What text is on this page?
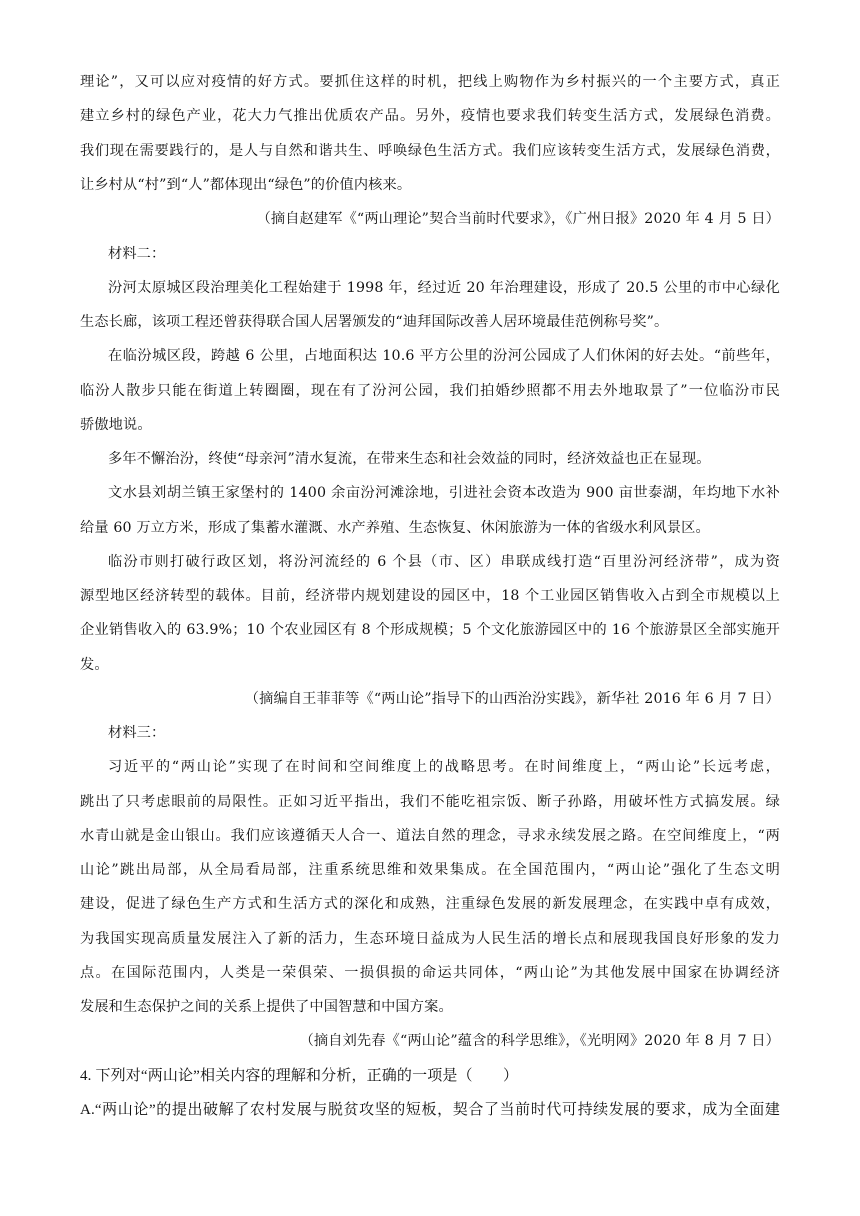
理论”，又可以应对疫情的好方式。要抓住这样的时机，把线上购物作为乡村振兴的一个主要方式，真正
建立乡村的绿色产业，花大力气推出优质农产品。另外，疫情也要求我们转变生活方式，发展绿色消费。
我们现在需要践行的，是人与自然和谐共生、呼唤绿色生活方式。我们应该转变生活方式，发展绿色消费，
让乡村从“村”到“人”都体现出“绿色”的价值内核来。
（摘自赵建军《“两山理论”契合当前时代要求》，《广州日报》2020 年 4 月 5 日）
材料二：
汾河太原城区段治理美化工程始建于 1998 年，经过近 20 年治理建设，形成了 20.5 公里的市中心绿化
生态长廊，该项工程还曾获得联合国人居署颁发的“迪拜国际改善人居环境最佳范例称号奖”。
在临汾城区段，跨越 6 公里，占地面积达 10.6 平方公里的汾河公园成了人们休闲的好去处。“前些年，
临汾人散步只能在街道上转圈圈，现在有了汾河公园，我们拍婚纱照都不用去外地取景了”一位临汾市民
骄傲地说。
多年不懈治汾，终使“母亲河”清水复流，在带来生态和社会效益的同时，经济效益也正在显现。
文水县刘胡兰镇王家堡村的 1400 余亩汾河滩涂地，引进社会资本改造为 900 亩世泰湖，年均地下水补
给量 60 万立方米，形成了集蓄水灌溉、水产养殖、生态恢复、休闲旅游为一体的省级水利风景区。
临汾市则打破行政区划，将汾河流经的 6 个县（市、区）串联成线打造“百里汾河经济带”，成为资
源型地区经济转型的载体。目前，经济带内规划建设的园区中，18 个工业园区销售收入占到全市规模以上
企业销售收入的 63.9%；10 个农业园区有 8 个形成规模；5 个文化旅游园区中的 16 个旅游景区全部实施开
发。
（摘编自王菲菲等《“两山论”指导下的山西治汾实践》，新华社 2016 年 6 月 7 日）
材料三：
习近平的“两山论”实现了在时间和空间维度上的战略思考。在时间维度上，“两山论”长远考虑，
跳出了只考虑眼前的局限性。正如习近平指出，我们不能吃祖宗饭、断子孙路，用破坏性方式搞发展。绿
水青山就是金山银山。我们应该遵循天人合一、道法自然的理念，寻求永续发展之路。在空间维度上，“两
山论”跳出局部，从全局看局部，注重系统思维和效果集成。在全国范围内，“两山论”强化了生态文明
建设，促进了绿色生产方式和生活方式的深化和成熟，注重绿色发展的新发展理念，在实践中卓有成效，
为我国实现高质量发展注入了新的活力，生态环境日益成为人民生活的增长点和展现我国良好形象的发力
点。在国际范围内，人类是一荣俱荣、一损俱损的命运共同体，“两山论”为其他发展中国家在协调经济
发展和生态保护之间的关系上提供了中国智慧和中国方案。
（摘自刘先春《“两山论”蕴含的科学思维》，《光明网》2020 年 8 月 7 日）
4. 下列对“两山论”相关内容的理解和分析，正确的一项是（　　）
A.“两山论”的提出破解了农村发展与脱贫攻坚的短板，契合了当前时代可持续发展的要求，成为全面建
